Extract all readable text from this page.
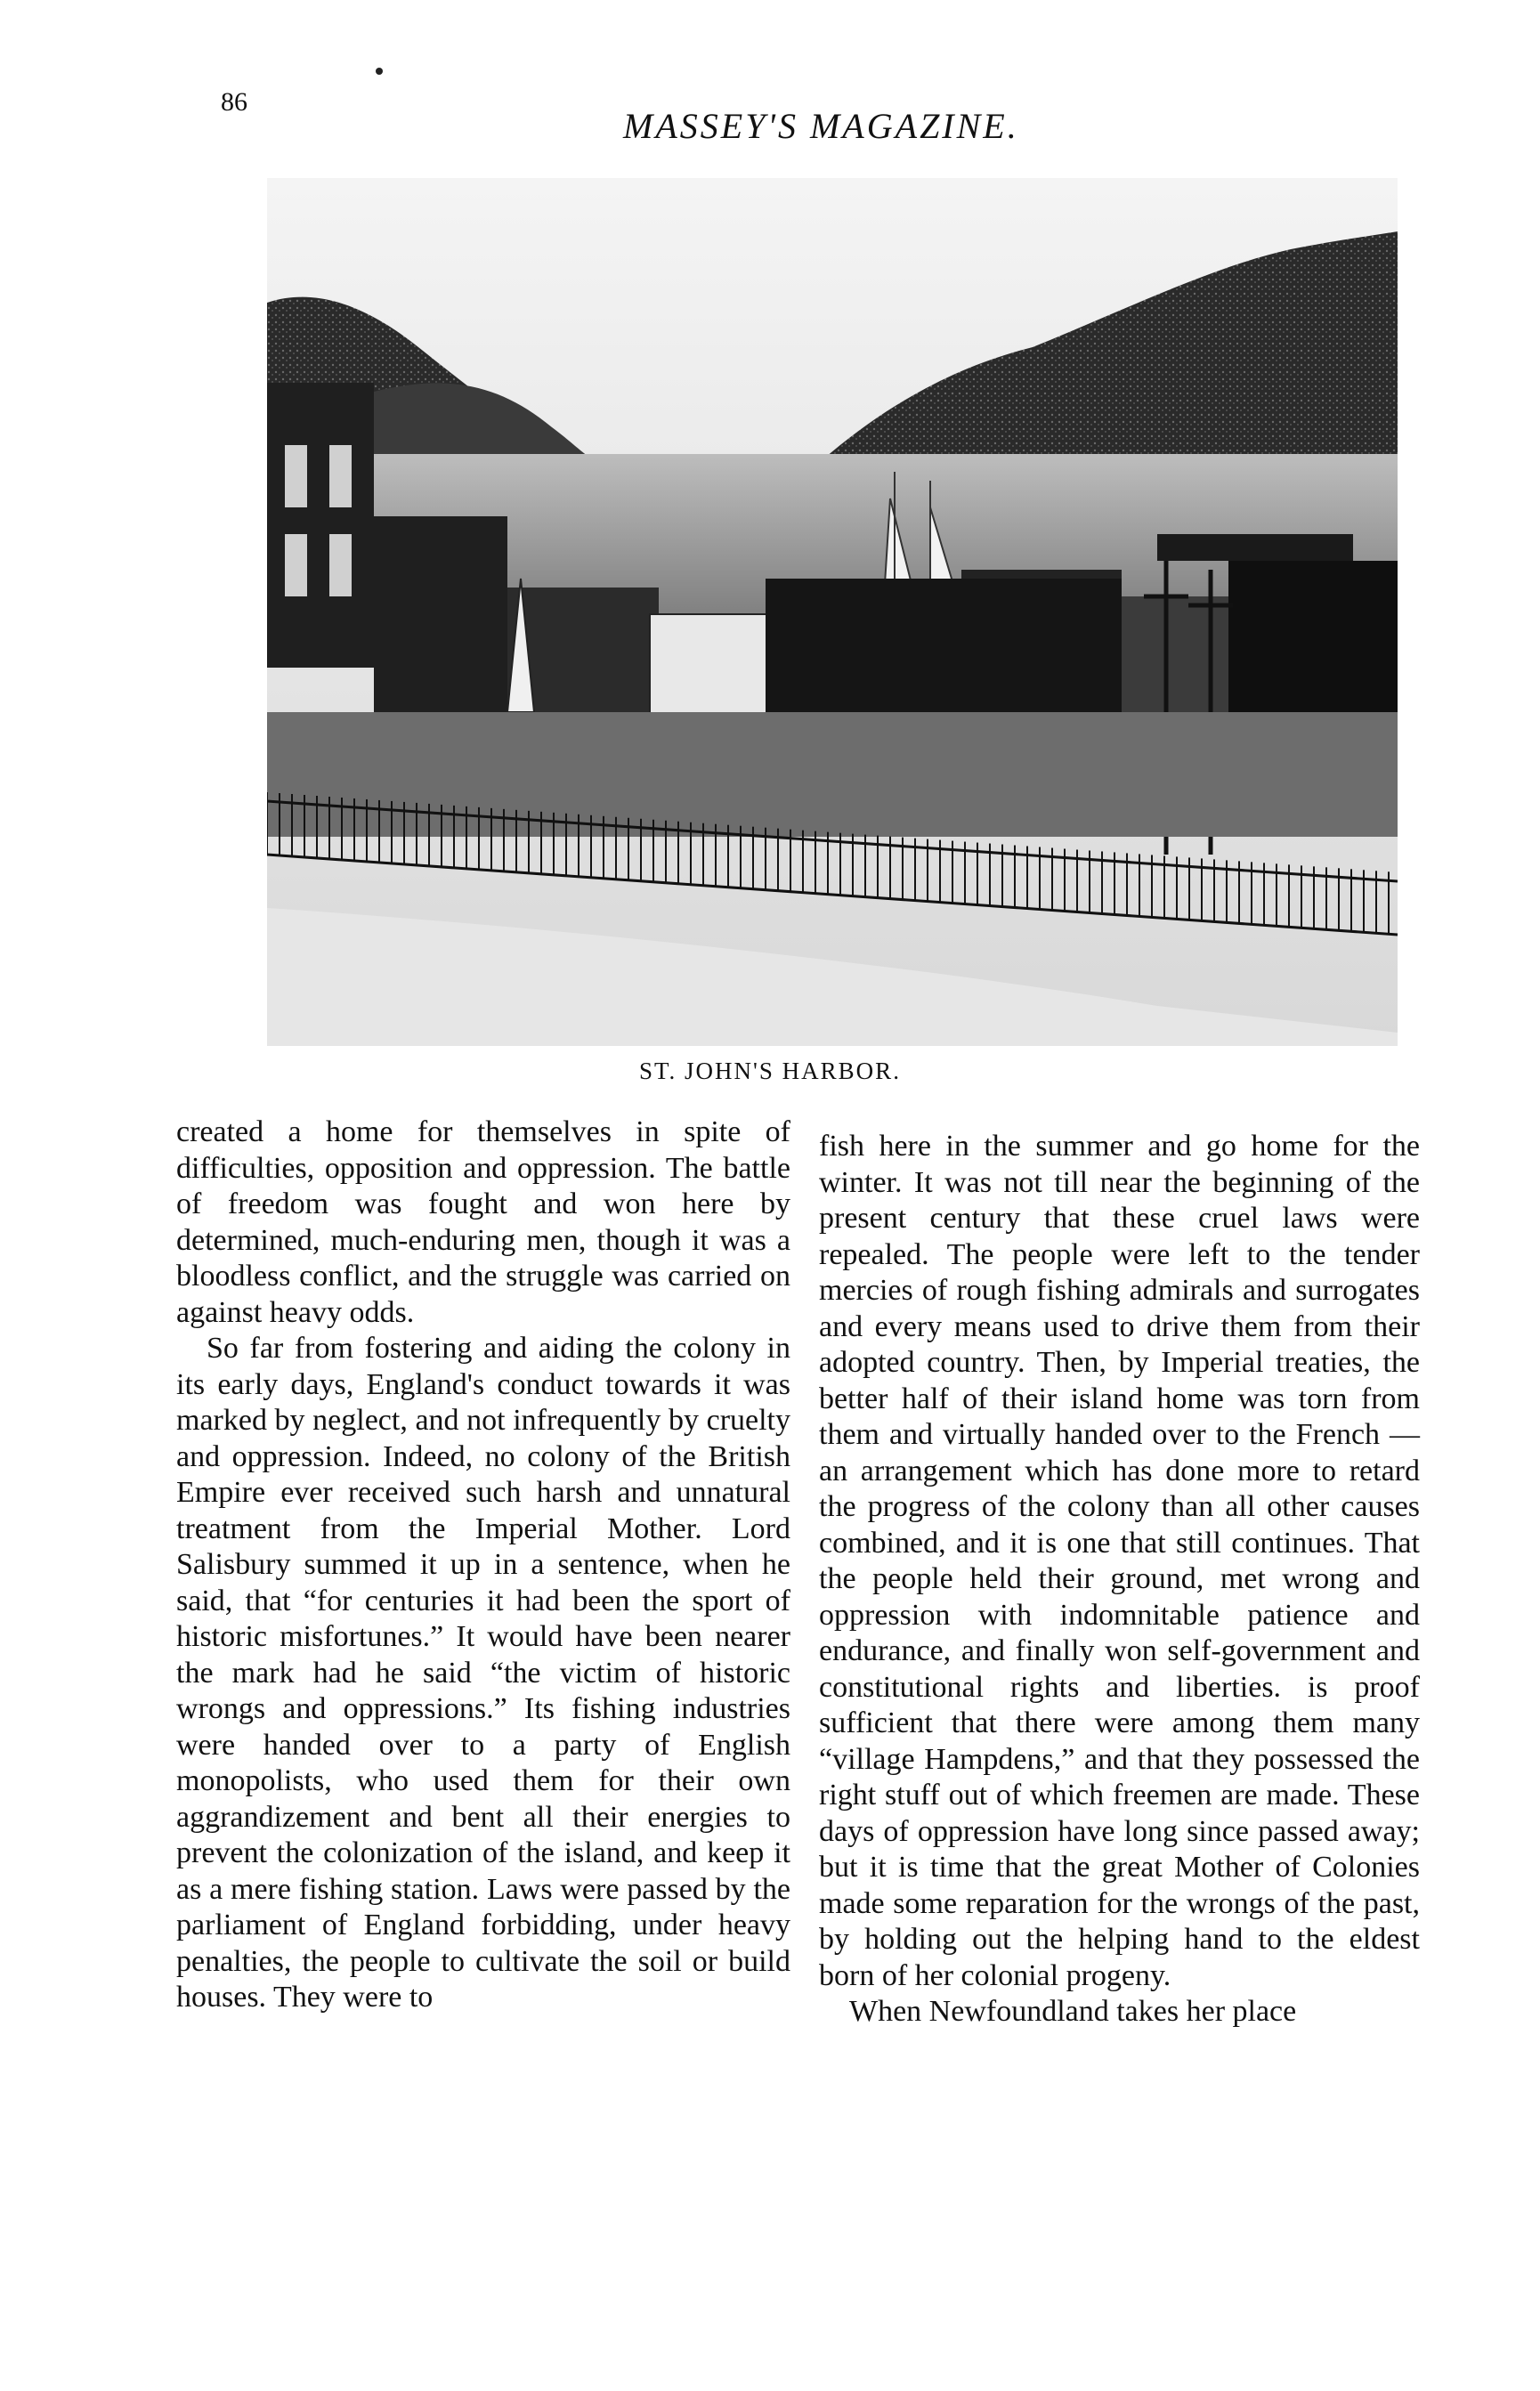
86
MASSEY'S MAGAZINE.
ST. JOHN'S HARBOR.

created a home for themselves in spite of difficulties, opposition and oppression. The battle of freedom was fought and won here by determined, much-enduring men, though it was a bloodless conflict, and the struggle was carried on against heavy odds.

So far from fostering and aiding the colony in its early days, England's conduct towards it was marked by neglect, and not infrequently by cruelty and oppression. Indeed, no colony of the British Empire ever received such harsh and unnatural treatment from the Imperial Mother. Lord Salisbury summed it up in a sentence, when he said, that “for centuries it had been the sport of historic misfortunes.” It would have been nearer the mark had he said “the victim of historic wrongs and oppressions.” Its fishing industries were handed over to a party of English monopolists, who used them for their own aggrandizement and bent all their energies to prevent the colonization of the island, and keep it as a mere fishing station. Laws were passed by the parliament of England forbidding, under heavy penalties, the people to cultivate the soil or build houses. They were to

fish here in the summer and go home for the winter. It was not till near the beginning of the present century that these cruel laws were repealed. The people were left to the tender mercies of rough fishing admirals and surrogates and every means used to drive them from their adopted country. Then, by Imperial treaties, the better half of their island home was torn from them and virtually handed over to the French —an arrangement which has done more to retard the progress of the colony than all other causes combined, and it is one that still continues. That the people held their ground, met wrong and oppression with indomnitable patience and endurance, and finally won self-government and constitutional rights and liberties. is proof sufficient that there were among them many “village Hampdens,” and that they possessed the right stuff out of which freemen are made. These days of oppression have long since passed away; but it is time that the great Mother of Colonies made some reparation for the wrongs of the past, by holding out the helping hand to the eldest born of her colonial progeny.

When Newfoundland takes her place
